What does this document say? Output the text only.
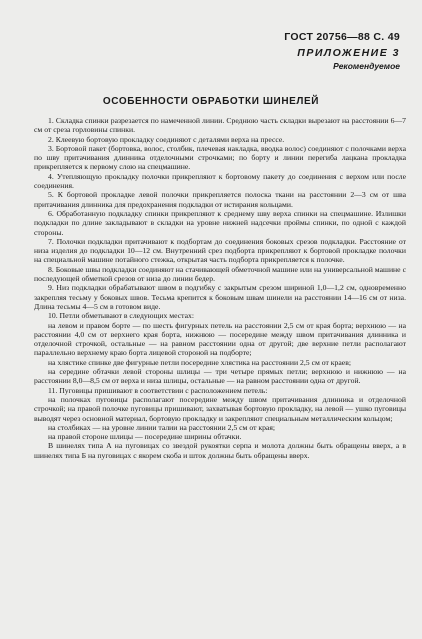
ГОСТ 20756—88 С. 49
ПРИЛОЖЕНИЕ 3
Рекомендуемое
ОСОБЕННОСТИ ОБРАБОТКИ ШИНЕЛЕЙ

1. Складка спинки разрезается по намеченной линии. Среднюю часть складки вырезают на расстоянии 6—7 см от среза горловины спинки.

2. Клеевую бортовую прокладку соединяют с деталями верха на прессе.

3. Бортовой пакет (бортовка, волос, столбик, плечевая накладка, вводка волос) соединяют с полочками верха по шву притачивания длинника отделочными строчками; по борту и линии перегиба лацкана прокладка прикрепляется к первому слою на спецмашине.

4. Утепляющую прокладку полочки прикрепляют к бортовому пакету до соединения с верхом или после соединения.

5. К бортовой прокладке левой полочки прикрепляется полоска ткани на расстоянии 2—3 см от шва притачивания длинника для предохранения подкладки от истирания кольцами.

6. Обработанную подкладку спинки прикрепляют к среднему шву верха спинки на спецмашине. Излишки подкладки по длине закладывают в складки на уровне нижней надсечки проймы спинки, по одной с каждой стороны.

7. Полочки подкладки притачивают к подбортам до соединения боковых срезов подкладки. Расстояние от низа изделия до подкладки 10—12 см. Внутренний срез подборта прикрепляют к бортовой прокладке полочки на специальной машине потайного стежка, открытая часть подборта прикрепляется к полочке.

8. Боковые швы подкладки соединяют на стачивающей обметочной машине или на универсальной машине с последующей обметкой срезов от низа до линии бедер.

9. Низ подкладки обрабатывают швом в подгибку с закрытым срезом шириной 1,0—1,2 см, одновременно закрепляя тесьму у боковых швов. Тесьма крепится к боковым швам шинели на расстоянии 14—16 см от низа. Длина тесьмы 4—5 см в готовом виде.

10. Петли обметывают в следующих местах:

на левом и правом борте — по шесть фигурных петель на расстоянии 2,5 см от края борта; верхнюю — на расстоянии 4,0 см от верхнего края борта, нижнюю — посередине между швом притачивания длинника и отделочной строчкой, остальные — на равном расстоянии одна от другой; две верхние петли располагают параллельно верхнему краю борта лицевой стороной на подборте;

на хлястике спинке две фигурные петли посередине хлястика на расстоянии 2,5 см от краев;

на середине обтачки левой стороны шлицы — три четыре прямых петли; верхнюю и нижнюю — на расстоянии 8,0—8,5 см от верха и низа шлицы, остальные — на равном расстоянии одна от другой.

11. Пуговицы пришивают в соответствии с расположением петель:

на полочках пуговицы располагают посередине между швом притачивания длинника и отделочной строчкой; на правой полочке пуговицы пришивают, захватывая бортовую прокладку, на левой — ушко пуговицы выводят через основной материал, бортовую прокладку и закрепляют специальным металлическим кольцом;

на столбиках — на уровне линии талии на расстоянии 2,5 см от края;

на правой стороне шлицы — посередине ширины обтачки.

В шинелях типа А на пуговицах со звездой рукоятки серпа и молота должны быть обращены вверх, а в шинелях типа Б на пуговицах с якорем скоба и шток должны быть обращены вверх.
